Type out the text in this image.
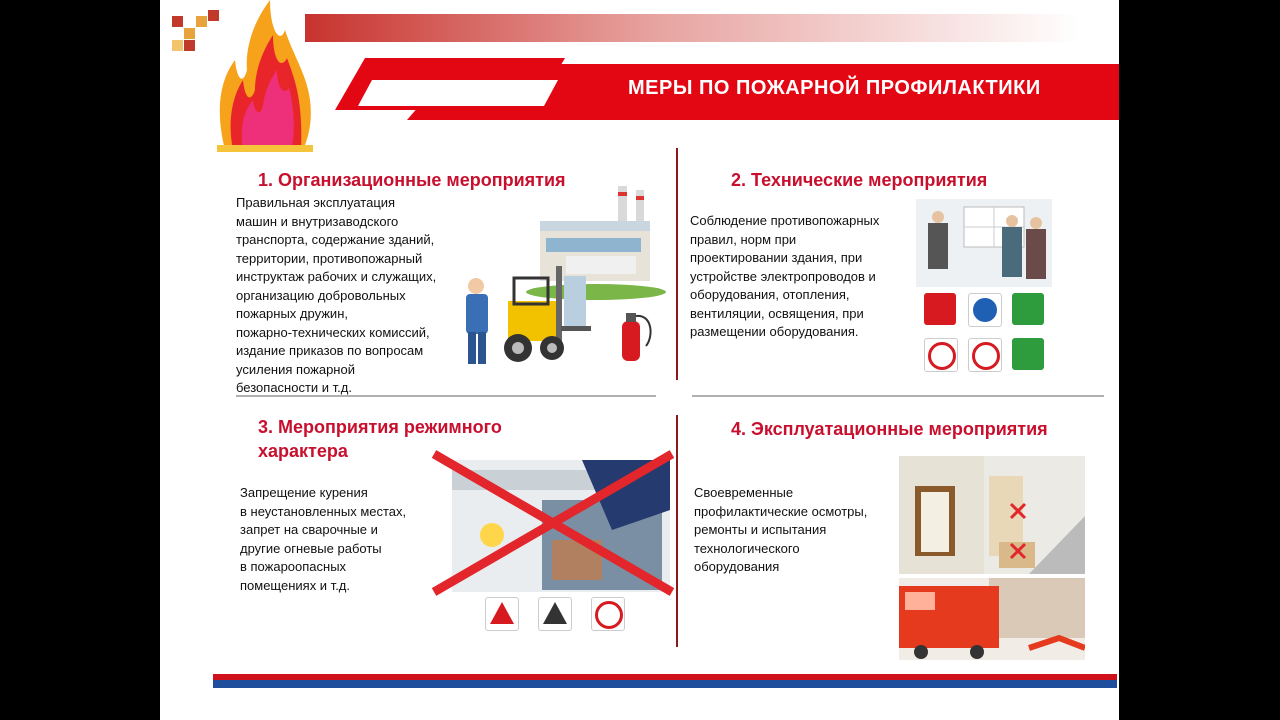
МЕРЫ ПО ПОЖАРНОЙ ПРОФИЛАКТИКИ
1. Организационные мероприятия
Правильная эксплуатация
машин и внутризаводского
транспорта, содержание зданий,
территории, противопожарный
инструктаж рабочих и служащих,
организацию добровольных
пожарных дружин,
пожарно-технических комиссий,
издание приказов по вопросам
усиления пожарной
безопасности и т.д.
2. Технические мероприятия
Соблюдение противопожарных
правил, норм при
проектировании здания, при
устройстве электропроводов и
оборудования, отопления,
вентиляции, освящения, при
размещении оборудования.
3. Мероприятия режимного
характера
Запрещение курения
в неустановленных местах,
запрет на сварочные и
другие огневые работы
в пожароопасных
помещениях и т.д.
4. Эксплуатационные мероприятия
Своевременные
профилактические осмотры,
ремонты и испытания
технологического
оборудования
